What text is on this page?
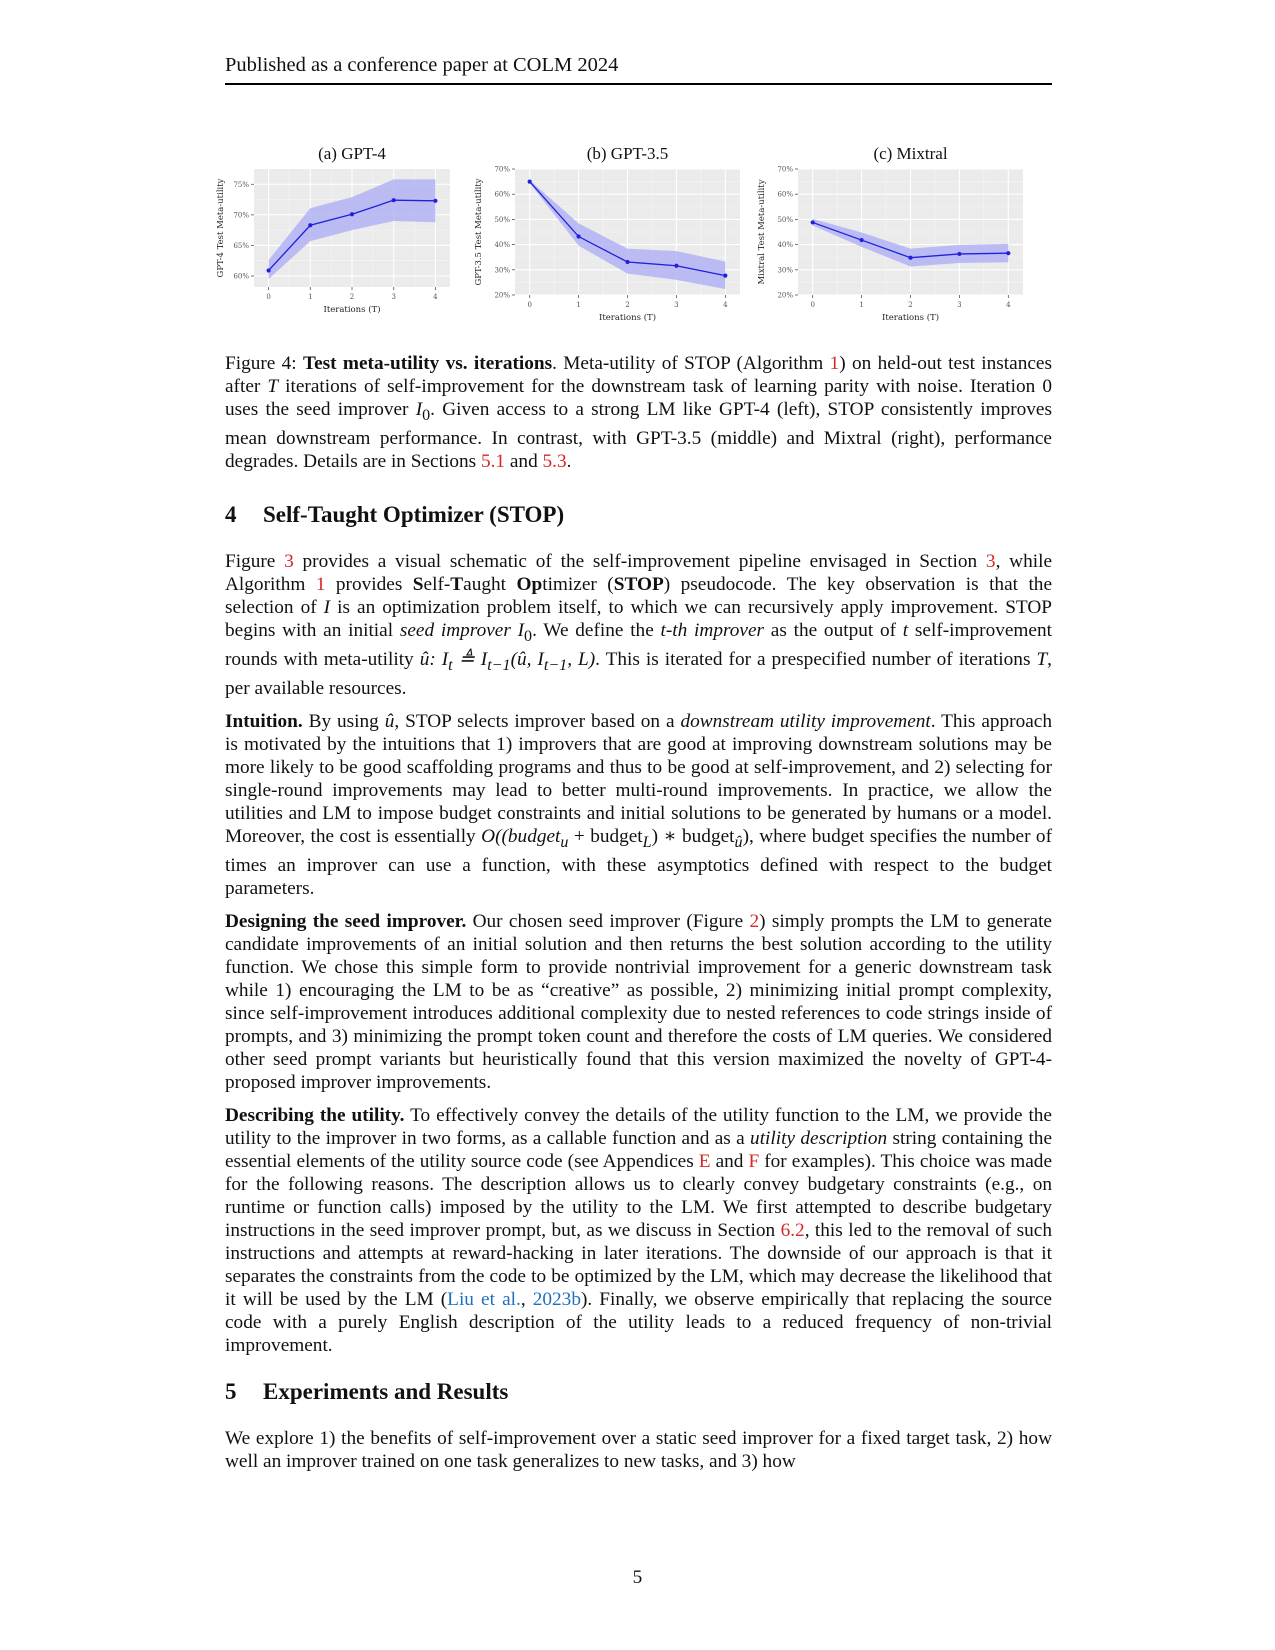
Published as a conference paper at COLM 2024
(a) GPT-4
60%
65%
70%
75%
0	1	2	3	4
Iterations (T)
GPT-4 Test Meta-utility
(b) GPT-3.5
20%
30%
40%
50%
60%
70%
0	1	2	3	4
Iterations (T)
GPT-3.5 Test Meta-utility
(c) Mixtral
20%
30%
40%
50%
60%
70%
0	1	2	3	4
Iterations (T)
Mixtral Test Meta-utility
Figure 4: Test meta-utility vs. iterations. Meta-utility of STOP (Algorithm 1) on held-out test instances after T iterations of self-improvement for the downstream task of learning parity with noise. Iteration 0 uses the seed improver $I_0$. Given access to a strong LM like GPT-4 (left), STOP consistently improves mean downstream performance. In contrast, with GPT-3.5 (middle) and Mixtral (right), performance degrades. Details are in Sections 5.1 and 5.3.
4 Self-Taught Optimizer (STOP)

Figure 3 provides a visual schematic of the self-improvement pipeline envisaged in Section 3, while Algorithm 1 provides Self-Taught Optimizer (STOP) pseudocode. The key observation is that the selection of I is an optimization problem itself, to which we can recursively apply improvement. STOP begins with an initial seed improver $I_0$. We define the t-th improver as the output of t self-improvement rounds with meta-utility û: $I_t$ ≜ $I_{t-1}(û$, $I_{t-1}$, L). This is iterated for a prespecified number of iterations T, per available resources.

Intuition. By using û, STOP selects improver based on a downstream utility improvement. This approach is motivated by the intuitions that 1) improvers that are good at improving downstream solutions may be more likely to be good scaffolding programs and thus to be good at self-improvement, and 2) selecting for single-round improvements may lead to better multi-round improvements. In practice, we allow the utilities and LM to impose budget constraints and initial solutions to be generated by humans or a model. Moreover, the cost is essentially O((budget$_u$ + budget$_L$) ∗ budget$_û$), where budget specifies the number of times an improver can use a function, with these asymptotics defined with respect to the budget parameters.

Designing the seed improver. Our chosen seed improver (Figure 2) simply prompts the LM to generate candidate improvements of an initial solution and then returns the best solution according to the utility function. We chose this simple form to provide nontrivial improvement for a generic downstream task while 1) encouraging the LM to be as “creative” as possible, 2) minimizing initial prompt complexity, since self-improvement introduces additional complexity due to nested references to code strings inside of prompts, and 3) minimizing the prompt token count and therefore the costs of LM queries. We considered other seed prompt variants but heuristically found that this version maximized the novelty of GPT-4-proposed improver improvements.

Describing the utility. To effectively convey the details of the utility function to the LM, we provide the utility to the improver in two forms, as a callable function and as a utility description string containing the essential elements of the utility source code (see Appendices E and F for examples). This choice was made for the following reasons. The description allows us to clearly convey budgetary constraints (e.g., on runtime or function calls) imposed by the utility to the LM. We first attempted to describe budgetary instructions in the seed improver prompt, but, as we discuss in Section 6.2, this led to the removal of such instructions and attempts at reward-hacking in later iterations. The downside of our approach is that it separates the constraints from the code to be optimized by the LM, which may decrease the likelihood that it will be used by the LM (Liu et al., 2023b). Finally, we observe empirically that replacing the source code with a purely English description of the utility leads to a reduced frequency of non-trivial improvement.

5 Experiments and Results

We explore 1) the benefits of self-improvement over a static seed improver for a fixed target task, 2) how well an improver trained on one task generalizes to new tasks, and 3) how

5
